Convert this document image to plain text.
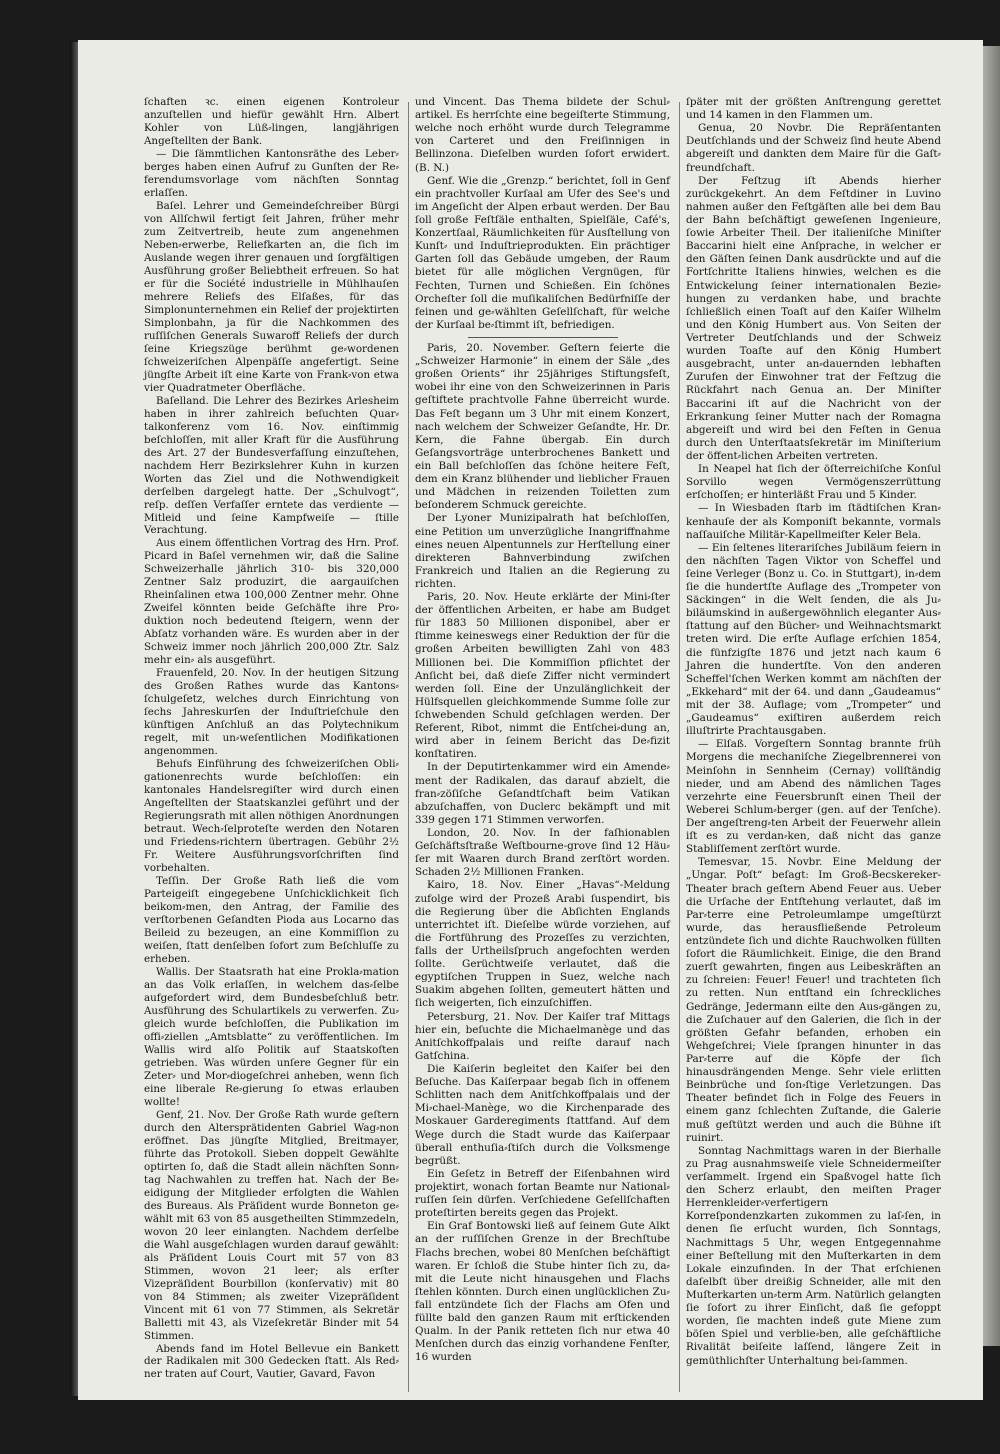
ſchaften ꝛc. einen eigenen Kontroleur anzuſtellen und hiefür gewählt Hrn. Albert Kohler von Lüß⸗lingen, langjährigen Angeſtellten der Bank.

— Die ſämmtlichen Kantonsräthe des Leber⸗berges haben einen Aufruf zu Gunſten der Re⸗ferendumsvorlage vom nächſten Sonntag erlaſſen.

Baſel. Lehrer und Gemeindeſchreiber Bürgi von Allſchwil fertigt ſeit Jahren, früher mehr zum Zeitvertreib, heute zum angenehmen Neben⸗erwerbe, Reliefkarten an, die ſich im Auslande wegen ihrer genauen und ſorgfältigen Ausführung großer Beliebtheit erfreuen. So hat er für die Société industrielle in Mühlhauſen mehrere Reliefs des Elſaßes, für das Simplonunternehmen ein Relief der projektirten Simplonbahn, ja für die Nachkommen des ruſſiſchen Generals Suwaroff Reliefs der durch ſeine Kriegszüge berühmt ge⸗wordenen ſchweizeriſchen Alpenpäſſe angefertigt. Seine jüngſte Arbeit iſt eine Karte von Frank⸗von etwa vier Quadratmeter Oberfläche.

Baſelland. Die Lehrer des Bezirkes Arlesheim haben in ihrer zahlreich beſuchten Quar⸗talkonferenz vom 16. Nov. einſtimmig beſchloſſen, mit aller Kraft für die Ausführung des Art. 27 der Bundesverfaſſung einzuſtehen, nachdem Herr Bezirkslehrer Kuhn in kurzen Worten das Ziel und die Nothwendigkeit derſelben dargelegt hatte. Der „Schulvogt“, reſp. deſſen Verfaſſer erntete das verdiente — Mitleid und ſeine Kampfweiſe — ſtille Verachtung.

Aus einem öffentlichen Vortrag des Hrn. Prof. Picard in Baſel vernehmen wir, daß die Saline Schweizerhalle jährlich 310- bis 320,000 Zentner Salz produzirt, die aargauiſchen Rheinſalinen etwa 100,000 Zentner mehr. Ohne Zweifel könnten beide Geſchäfte ihre Pro⸗duktion noch bedeutend ſteigern, wenn der Abſatz vorhanden wäre. Es wurden aber in der Schweiz immer noch jährlich 200,000 Ztr. Salz mehr ein⸗ als ausgeführt.

Frauenfeld, 20. Nov. In der heutigen Sitzung des Großen Rathes wurde das Kantons⸗ſchulgeſetz, welches durch Einrichtung von ſechs Jahreskurſen der Induſtrieſchule den künftigen Anſchluß an das Polytechnikum regelt, mit un⸗weſentlichen Modifikationen angenommen.

Behufs Einführung des ſchweizeriſchen Obli⸗gationenrechts wurde beſchloſſen: ein kantonales Handelsregiſter wird durch einen Angeſtellten der Staatskanzlei geführt und der Regierungsrath mit allen nöthigen Anordnungen betraut. Wech⸗ſelproteſte werden den Notaren und Friedens⸗richtern übertragen. Gebühr 2½ Fr. Weitere Ausführungsvorſchriften ſind vorbehalten.

Teſſin. Der Große Rath ließ die vom Parteigeiſt eingegebene Unſchicklichkeit ſich beikom⸗men, den Antrag, der Familie des verſtorbenen Geſandten Pioda aus Locarno das Beileid zu bezeugen, an eine Kommiſſion zu weiſen, ſtatt denſelben ſofort zum Beſchluſſe zu erheben.

Wallis. Der Staatsrath hat eine Prokla⸗mation an das Volk erlaſſen, in welchem das⸗ſelbe aufgefordert wird, dem Bundesbeſchluß betr. Ausführung des Schulartikels zu verwerfen. Zu⸗gleich wurde beſchloſſen, die Publikation im offi⸗ziellen „Amtsblatte“ zu veröffentlichen. Im Wallis wird alſo Politik auf Staatskoſten getrieben. Was würden unſere Gegner für ein Zeter⸗ und Mor⸗diogeſchrei anheben, wenn ſich eine liberale Re⸗gierung ſo etwas erlauben wollte!

Genf, 21. Nov. Der Große Rath wurde geſtern durch den Altersprätidenten Gabriel Wag⸗non eröffnet. Das jüngſte Mitglied, Breitmayer, führte das Protokoll. Sieben doppelt Gewählte optirten ſo, daß die Stadt allein nächſten Sonn⸗tag Nachwahlen zu treffen hat. Nach der Be⸗eidigung der Mitglieder erfolgten die Wahlen des Bureaus. Als Präſident wurde Bonneton ge⸗wählt mit 63 von 85 ausgetheilten Stimmzedeln, wovon 20 leer einlangten. Nachdem derſelbe die Wahl ausgeſchlagen wurden darauf gewählt: als Präſident Louis Court mit 57 von 83 Stimmen, wovon 21 leer; als erſter Vizepräſident Bourbillon (konſervativ) mit 80 von 84 Stimmen; als zweiter Vizepräſident Vincent mit 61 von 77 Stimmen, als Sekretär Balletti mit 43, als Vizeſekretär Binder mit 54 Stimmen.

Abends fand im Hotel Bellevue ein Bankett der Radikalen mit 300 Gedecken ſtatt. Als Red⸗ner traten auf Court, Vautier, Gavard, Favon

und Vincent. Das Thema bildete der Schul⸗artikel. Es herrſchte eine begeiſterte Stimmung, welche noch erhöht wurde durch Telegramme von Carteret und den Freiſinnigen in Bellinzona. Dieſelben wurden ſofort erwidert. (B. N.)

Genf. Wie die „Grenzp.“ berichtet, ſoll in Genf ein prachtvoller Kurſaal am Ufer des See's und im Angeſicht der Alpen erbaut werden. Der Bau ſoll große Feſtſäle enthalten, Spielſäle, Café's, Konzertſaal, Räumlichkeiten für Ausſtellung von Kunſt⸗ und Induſtrieprodukten. Ein prächtiger Garten ſoll das Gebäude umgeben, der Raum bietet für alle möglichen Vergnügen, für Fechten, Turnen und Schießen. Ein ſchönes Orcheſter ſoll die muſikaliſchen Bedürfniſſe der feinen und ge⸗wählten Geſellſchaft, für welche der Kurſaal be⸗ſtimmt iſt, befriedigen.

Paris, 20. November. Geſtern feierte die „Schweizer Harmonie“ in einem der Säle „des großen Orients“ ihr 25jähriges Stiftungsfeſt, wobei ihr eine von den Schweizerinnen in Paris geſtiftete prachtvolle Fahne überreicht wurde. Das Feſt begann um 3 Uhr mit einem Konzert, nach welchem der Schweizer Geſandte, Hr. Dr. Kern, die Fahne übergab. Ein durch Geſangsvorträge unterbrochenes Bankett und ein Ball beſchloſſen das ſchöne heitere Feſt, dem ein Kranz blühender und lieblicher Frauen und Mädchen in reizenden Toiletten zum beſonderem Schmuck gereichte.

Der Lyoner Munizipalrath hat beſchloſſen, eine Petition um unverzügliche Inangriffnahme eines neuen Alpentunnels zur Herſtellung einer direkteren Bahnverbindung zwiſchen Frankreich und Italien an die Regierung zu richten.

Paris, 20. Nov. Heute erklärte der Mini⸗ſter der öffentlichen Arbeiten, er habe am Budget für 1883 50 Millionen disponibel, aber er ſtimme keineswegs einer Reduktion der für die großen Arbeiten bewilligten Zahl von 483 Millionen bei. Die Kommiſſion pflichtet der Anſicht bei, daß dieſe Ziffer nicht vermindert werden ſoll. Eine der Unzulänglichkeit der Hülfsquellen gleichkommende Summe ſolle zur ſchwebenden Schuld geſchlagen werden. Der Referent, Ribot, nimmt die Entſchei⸗dung an, wird aber in ſeinem Bericht das De⸗fizit konſtatiren.

In der Deputirtenkammer wird ein Amende⸗ment der Radikalen, das darauf abzielt, die fran⸗zöſiſche Geſandtſchaft beim Vatikan abzuſchaffen, von Duclerc bekämpft und mit 339 gegen 171 Stimmen verworfen.

London, 20. Nov. In der faſhionablen Geſchäftsſtraße Weſtbourne-grove ſind 12 Häu⸗ſer mit Waaren durch Brand zerſtört worden. Schaden 2½ Millionen Franken.

Kairo, 18. Nov. Einer „Havas“-Meldung zufolge wird der Prozeß Arabi ſuspendirt, bis die Regierung über die Abſichten Englands unterrichtet iſt. Dieſelbe würde vorziehen, auf die Fortführung des Prozeſſes zu verzichten, falls der Urtheilsſpruch angefochten werden ſollte. Gerüchtweiſe verlautet, daß die egyptiſchen Truppen in Suez, welche nach Suakim abgehen ſollten, gemeutert hätten und ſich weigerten, ſich einzuſchiffen.

Petersburg, 21. Nov. Der Kaiſer traf Mittags hier ein, beſuchte die Michaelmanège und das Anitſchkoffpalais und reiſte darauf nach Gatſchina.

Die Kaiſerin begleitet den Kaiſer bei den Beſuche. Das Kaiſerpaar begab ſich in offenem Schlitten nach dem Anitſchkoffpalais und der Mi⸗chael-Manège, wo die Kirchenparade des Moskauer Garderegiments ſtattfand. Auf dem Wege durch die Stadt wurde das Kaiſerpaar überall enthuſia⸗ſtiſch durch die Volksmenge begrüßt.

Ein Geſetz in Betreff der Eiſenbahnen wird projektirt, wonach fortan Beamte nur National⸗ruſſen ſein dürfen. Verſchiedene Geſellſchaften proteſtirten bereits gegen das Projekt.

Ein Graf Bontowski ließ auf ſeinem Gute Alkt an der ruſſiſchen Grenze in der Brechſtube Flachs brechen, wobei 80 Menſchen beſchäftigt waren. Er ſchloß die Stube hinter ſich zu, da⸗mit die Leute nicht hinausgehen und Flachs ſtehlen könnten. Durch einen unglücklichen Zu⸗fall entzündete ſich der Flachs am Ofen und füllte bald den ganzen Raum mit erſtickenden Qualm. In der Panik retteten ſich nur etwa 40 Menſchen durch das einzig vorhandene Fenſter, 16 wurden

ſpäter mit der größten Anſtrengung gerettet und 14 kamen in den Flammen um.

Genua, 20 Novbr. Die Repräſentanten Deutſchlands und der Schweiz ſind heute Abend abgereiſt und dankten dem Maire für die Gaſt⸗freundſchaft.

Der Feſtzug iſt Abends hierher zurückgekehrt. An dem Feſtdiner in Luvino nahmen außer den Feſtgäſten alle bei dem Bau der Bahn beſchäftigt geweſenen Ingenieure, ſowie Arbeiter Theil. Der italieniſche Miniſter Baccarini hielt eine Anſprache, in welcher er den Gäſten ſeinen Dank ausdrückte und auf die Fortſchritte Italiens hinwies, welchen es die Entwickelung ſeiner internationalen Bezie⸗hungen zu verdanken habe, und brachte ſchließlich einen Toaſt auf den Kaiſer Wilhelm und den König Humbert aus. Von Seiten der Vertreter Deutſchlands und der Schweiz wurden Toaſte auf den König Humbert ausgebracht, unter an⸗dauernden lebhaften Zurufen der Einwohner trat der Feſtzug die Rückfahrt nach Genua an. Der Miniſter Baccarini iſt auf die Nachricht von der Erkrankung ſeiner Mutter nach der Romagna abgereiſt und wird bei den Feſten in Genua durch den Unterſtaatsſekretär im Miniſterium der öffent⸗lichen Arbeiten vertreten.

In Neapel hat ſich der öſterreichiſche Konſul Sorvillo wegen Vermögenszerrüttung erſchoſſen; er hinterläßt Frau und 5 Kinder.

— In Wiesbaden ſtarb im ſtädtiſchen Kran⸗kenhauſe der als Komponiſt bekannte, vormals naſſauiſche Militär-Kapellmeiſter Keler Bela.

— Ein ſeltenes literariſches Jubiläum feiern in den nächſten Tagen Viktor von Scheffel und ſeine Verleger (Bonz u. Co. in Stuttgart), in⸗dem ſie die hundertſte Auflage des „Trompeter von Säckingen“ in die Welt ſenden, die als Ju⸗biläumskind in außergewöhnlich eleganter Aus⸗ſtattung auf den Bücher⸗ und Weihnachtsmarkt treten wird. Die erſte Auflage erſchien 1854, die fünfzigſte 1876 und jetzt nach kaum 6 Jahren die hundertſte. Von den anderen Scheffel'ſchen Werken kommt am nächſten der „Ekkehard“ mit der 64. und dann „Gaudeamus“ mit der 38. Auflage; vom „Trompeter“ und „Gaudeamus“ exiſtiren außerdem reich illuſtrirte Prachtausgaben.

— Elſaß. Vorgeſtern Sonntag brannte früh Morgens die mechaniſche Ziegelbrennerei von Meinſohn in Sennheim (Cernay) vollſtändig nieder, und am Abend des nämlichen Tages verzehrte eine Feuersbrunſt einen Theil der Weberei Schlum⸗berger (gen. auf der Tenſche). Der angeſtreng⸗ten Arbeit der Feuerwehr allein iſt es zu verdan⸗ken, daß nicht das ganze Stabliſſement zerſtört wurde.

Temesvar, 15. Novbr. Eine Meldung der „Ungar. Poſt“ beſagt: Im Groß-Becskereker-Theater brach geſtern Abend Feuer aus. Ueber die Urſache der Entſtehung verlautet, daß im Par⸗terre eine Petroleumlampe umgeſtürzt wurde, das herausfließende Petroleum entzündete ſich und dichte Rauchwolken füllten ſofort die Räumlichkeit. Einige, die den Brand zuerſt gewahrten, fingen aus Leibeskräften an zu ſchreien: Feuer! Feuer! und trachteten ſich zu retten. Nun entſtand ein ſchreckliches Gedränge, Jedermann eilte den Aus⸗gängen zu, die Zuſchauer auf den Galerien, die ſich in der größten Gefahr befanden, erhoben ein Wehgeſchrei; Viele ſprangen hinunter in das Par⸗terre auf die Köpfe der ſich hinausdrängenden Menge. Sehr viele erlitten Beinbrüche und ſon⸗ſtige Verletzungen. Das Theater befindet ſich in Folge des Feuers in einem ganz ſchlechten Zuſtande, die Galerie muß geſtützt werden und auch die Bühne iſt ruinirt.

Sonntag Nachmittags waren in der Bierhalle zu Prag ausnahmsweiſe viele Schneidermeiſter verſammelt. Irgend ein Spaßvogel hatte ſich den Scherz erlaubt, den meiſten Prager Herrenkleider⸗verfertigern Korreſpondenzkarten zukommen zu laſ⸗ſen, in denen ſie erſucht wurden, ſich Sonntags, Nachmittags 5 Uhr, wegen Entgegennahme einer Beſtellung mit den Muſterkarten in dem Lokale einzufinden. In der That erſchienen daſelbſt über dreißig Schneider, alle mit den Muſterkarten un⸗term Arm. Natürlich gelangten ſie ſofort zu ihrer Einſicht, daß ſie gefoppt worden, ſie machten indeß gute Miene zum böſen Spiel und verblie⸗ben, alle geſchäftliche Rivalität beiſeite laſſend, längere Zeit in gemüthlichſter Unterhaltung bei⸗ſammen.
